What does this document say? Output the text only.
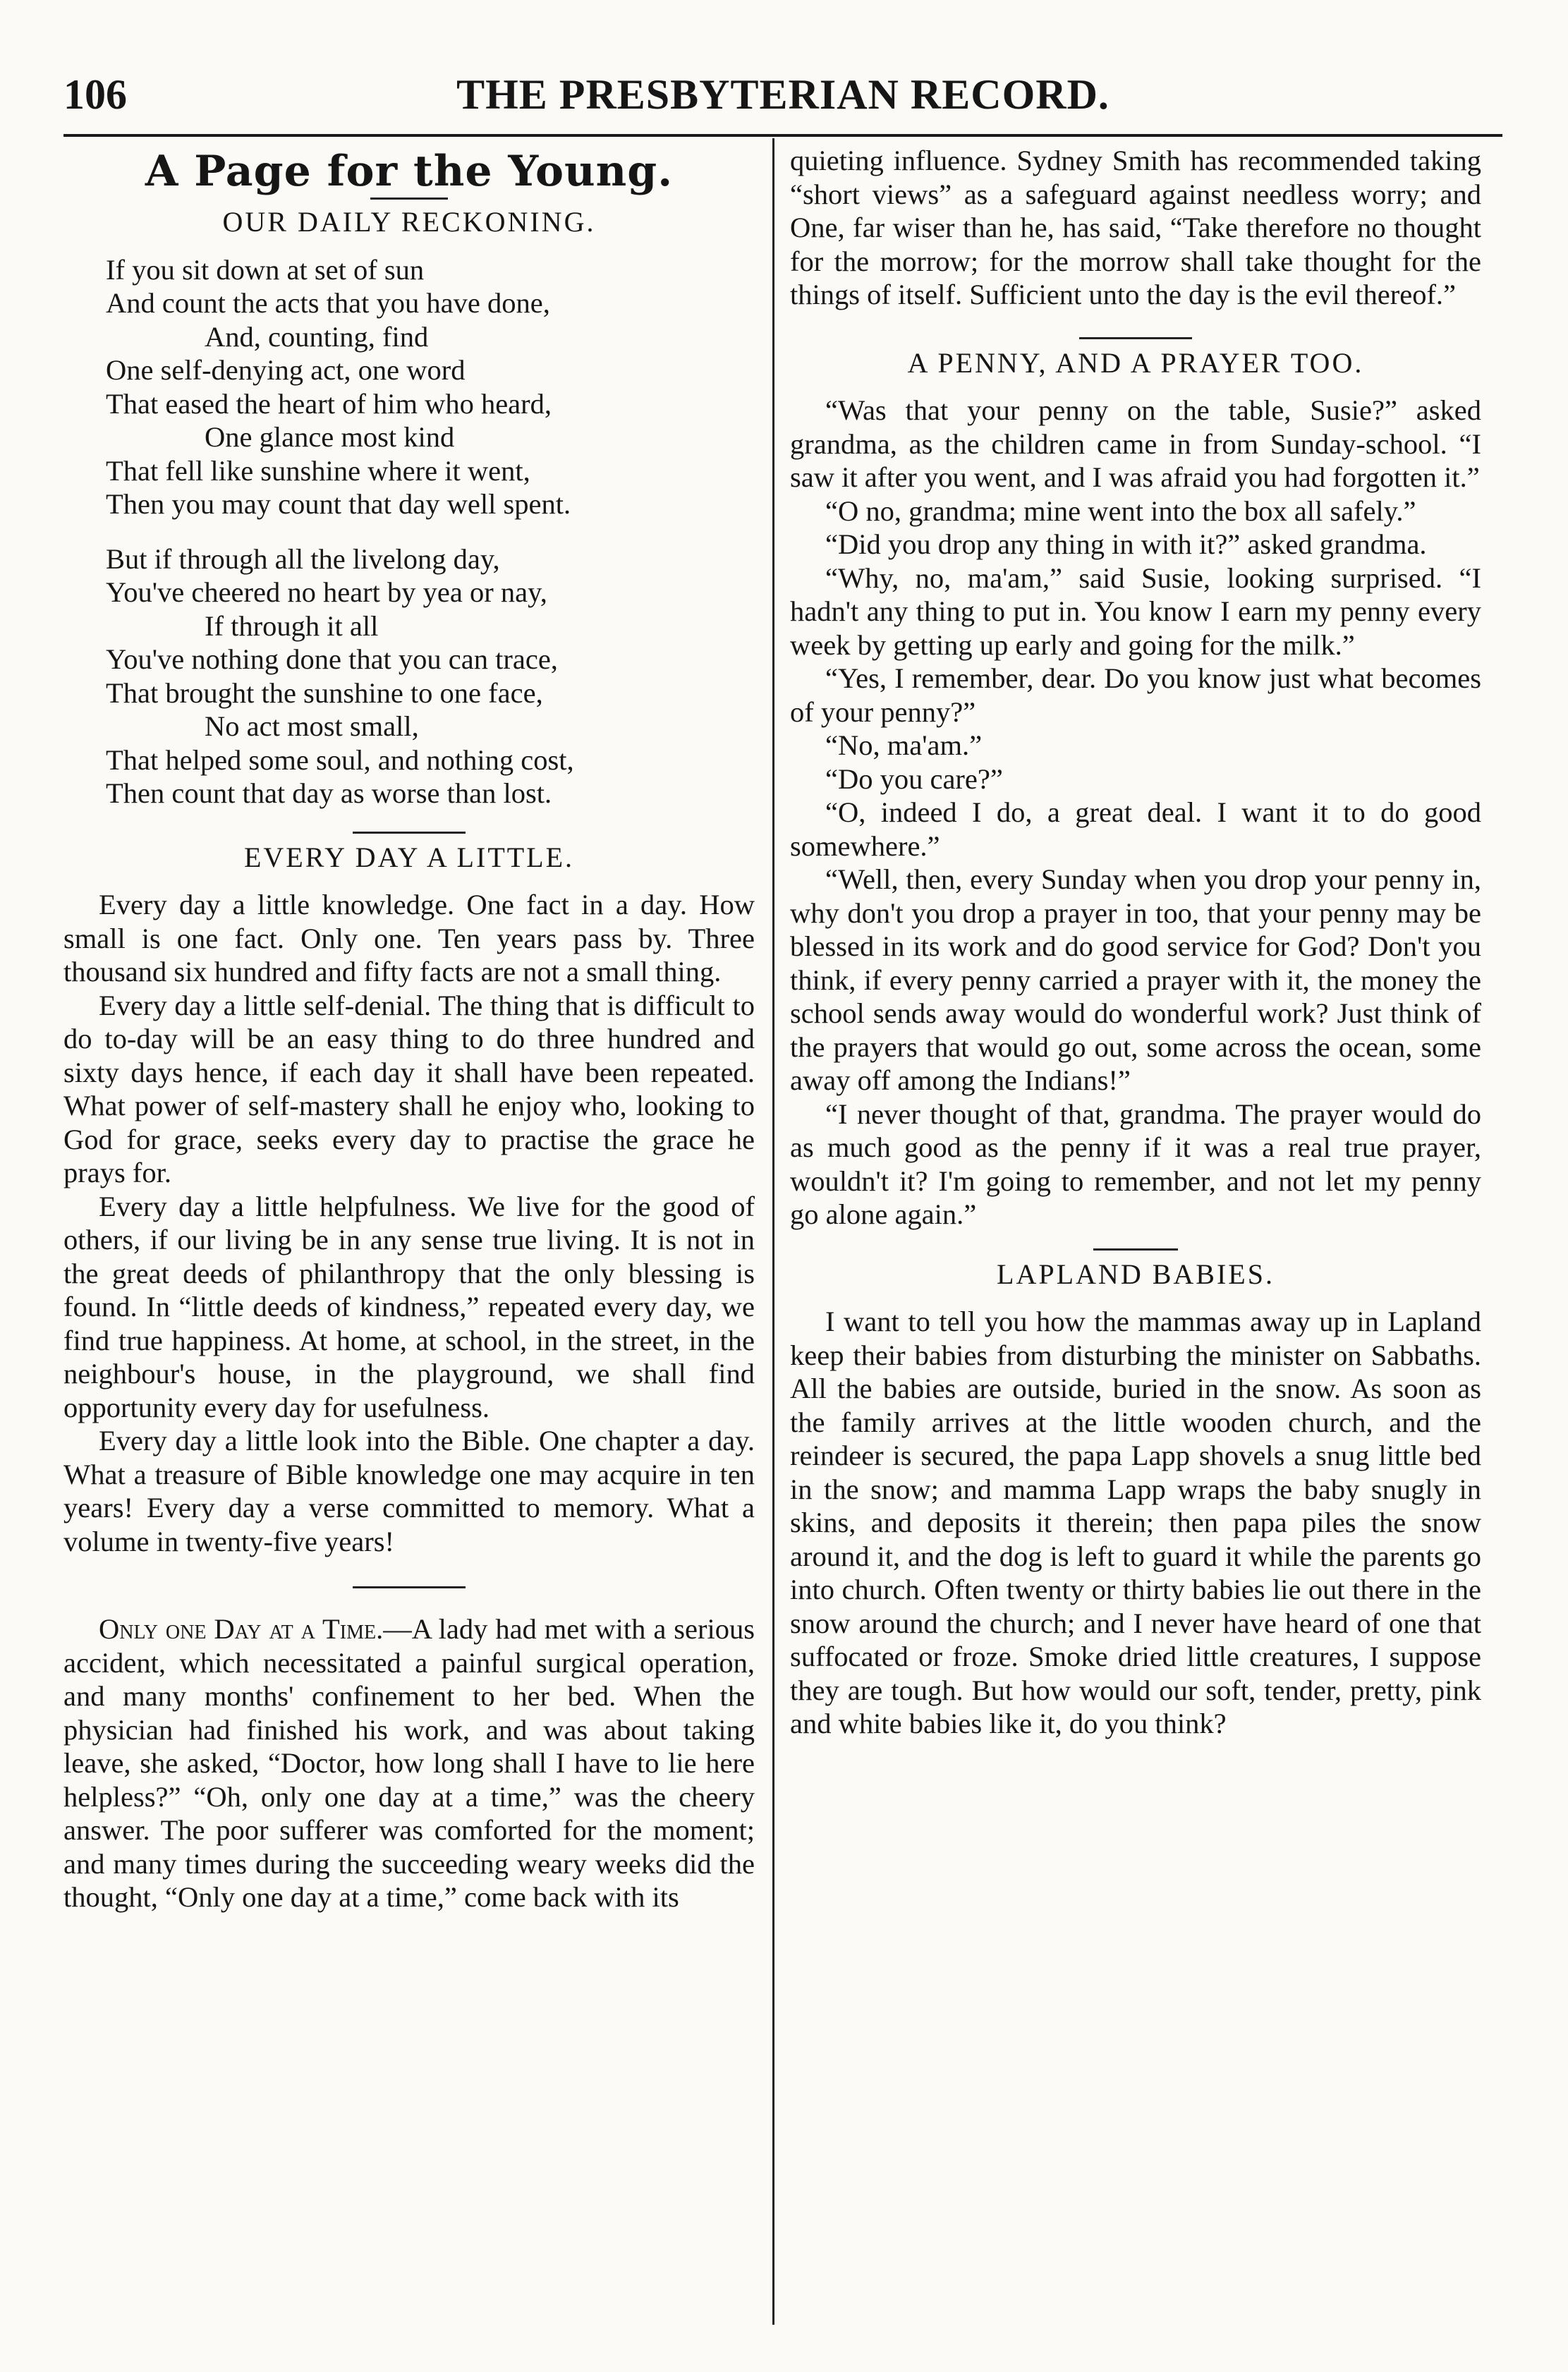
106	THE PRESBYTERIAN RECORD.
A Page for the Young.
OUR DAILY RECKONING.
If you sit down at set of sun
And count the acts that you have done,
And, counting, find
One self-denying act, one word
That eased the heart of him who heard,
One glance most kind
That fell like sunshine where it went,
Then you may count that day well spent.
But if through all the livelong day,
You've cheered no heart by yea or nay,
If through it all
You've nothing done that you can trace,
That brought the sunshine to one face,
No act most small,
That helped some soul, and nothing cost,
Then count that day as worse than lost.
EVERY DAY A LITTLE.

Every day a little knowledge. One fact in a day. How small is one fact. Only one. Ten years pass by. Three thousand six hundred and fifty facts are not a small thing.

Every day a little self-denial. The thing that is difficult to do to-day will be an easy thing to do three hundred and sixty days hence, if each day it shall have been repeated. What power of self-mastery shall he enjoy who, looking to God for grace, seeks every day to practise the grace he prays for.

Every day a little helpfulness. We live for the good of others, if our living be in any sense true living. It is not in the great deeds of philanthropy that the only blessing is found. In “little deeds of kindness,” repeated every day, we find true happiness. At home, at school, in the street, in the neighbour's house, in the playground, we shall find opportunity every day for usefulness.

Every day a little look into the Bible. One chapter a day. What a treasure of Bible knowledge one may acquire in ten years! Every day a verse committed to memory. What a volume in twenty-five years!

Only one Day at a Time.—A lady had met with a serious accident, which necessitated a painful surgical operation, and many months' confinement to her bed. When the physician had finished his work, and was about taking leave, she asked, “Doctor, how long shall I have to lie here helpless?” “Oh, only one day at a time,” was the cheery answer. The poor sufferer was comforted for the moment; and many times during the succeeding weary weeks did the thought, “Only one day at a time,” come back with its

quieting influence. Sydney Smith has recommended taking “short views” as a safeguard against needless worry; and One, far wiser than he, has said, “Take therefore no thought for the morrow; for the morrow shall take thought for the things of itself. Sufficient unto the day is the evil thereof.”

A PENNY, AND A PRAYER TOO.

“Was that your penny on the table, Susie?” asked grandma, as the children came in from Sunday-school. “I saw it after you went, and I was afraid you had forgotten it.”

“O no, grandma; mine went into the box all safely.”

“Did you drop any thing in with it?” asked grandma.

“Why, no, ma'am,” said Susie, looking surprised. “I hadn't any thing to put in. You know I earn my penny every week by getting up early and going for the milk.”

“Yes, I remember, dear. Do you know just what becomes of your penny?”

“No, ma'am.”

“Do you care?”

“O, indeed I do, a great deal. I want it to do good somewhere.”

“Well, then, every Sunday when you drop your penny in, why don't you drop a prayer in too, that your penny may be blessed in its work and do good service for God? Don't you think, if every penny carried a prayer with it, the money the school sends away would do wonderful work? Just think of the prayers that would go out, some across the ocean, some away off among the Indians!”

“I never thought of that, grandma. The prayer would do as much good as the penny if it was a real true prayer, wouldn't it? I'm going to remember, and not let my penny go alone again.”

LAPLAND BABIES.

I want to tell you how the mammas away up in Lapland keep their babies from disturbing the minister on Sabbaths. All the babies are outside, buried in the snow. As soon as the family arrives at the little wooden church, and the reindeer is secured, the papa Lapp shovels a snug little bed in the snow; and mamma Lapp wraps the baby snugly in skins, and deposits it therein; then papa piles the snow around it, and the dog is left to guard it while the parents go into church. Often twenty or thirty babies lie out there in the snow around the church; and I never have heard of one that suffocated or froze. Smoke dried little creatures, I suppose they are tough. But how would our soft, tender, pretty, pink and white babies like it, do you think?
